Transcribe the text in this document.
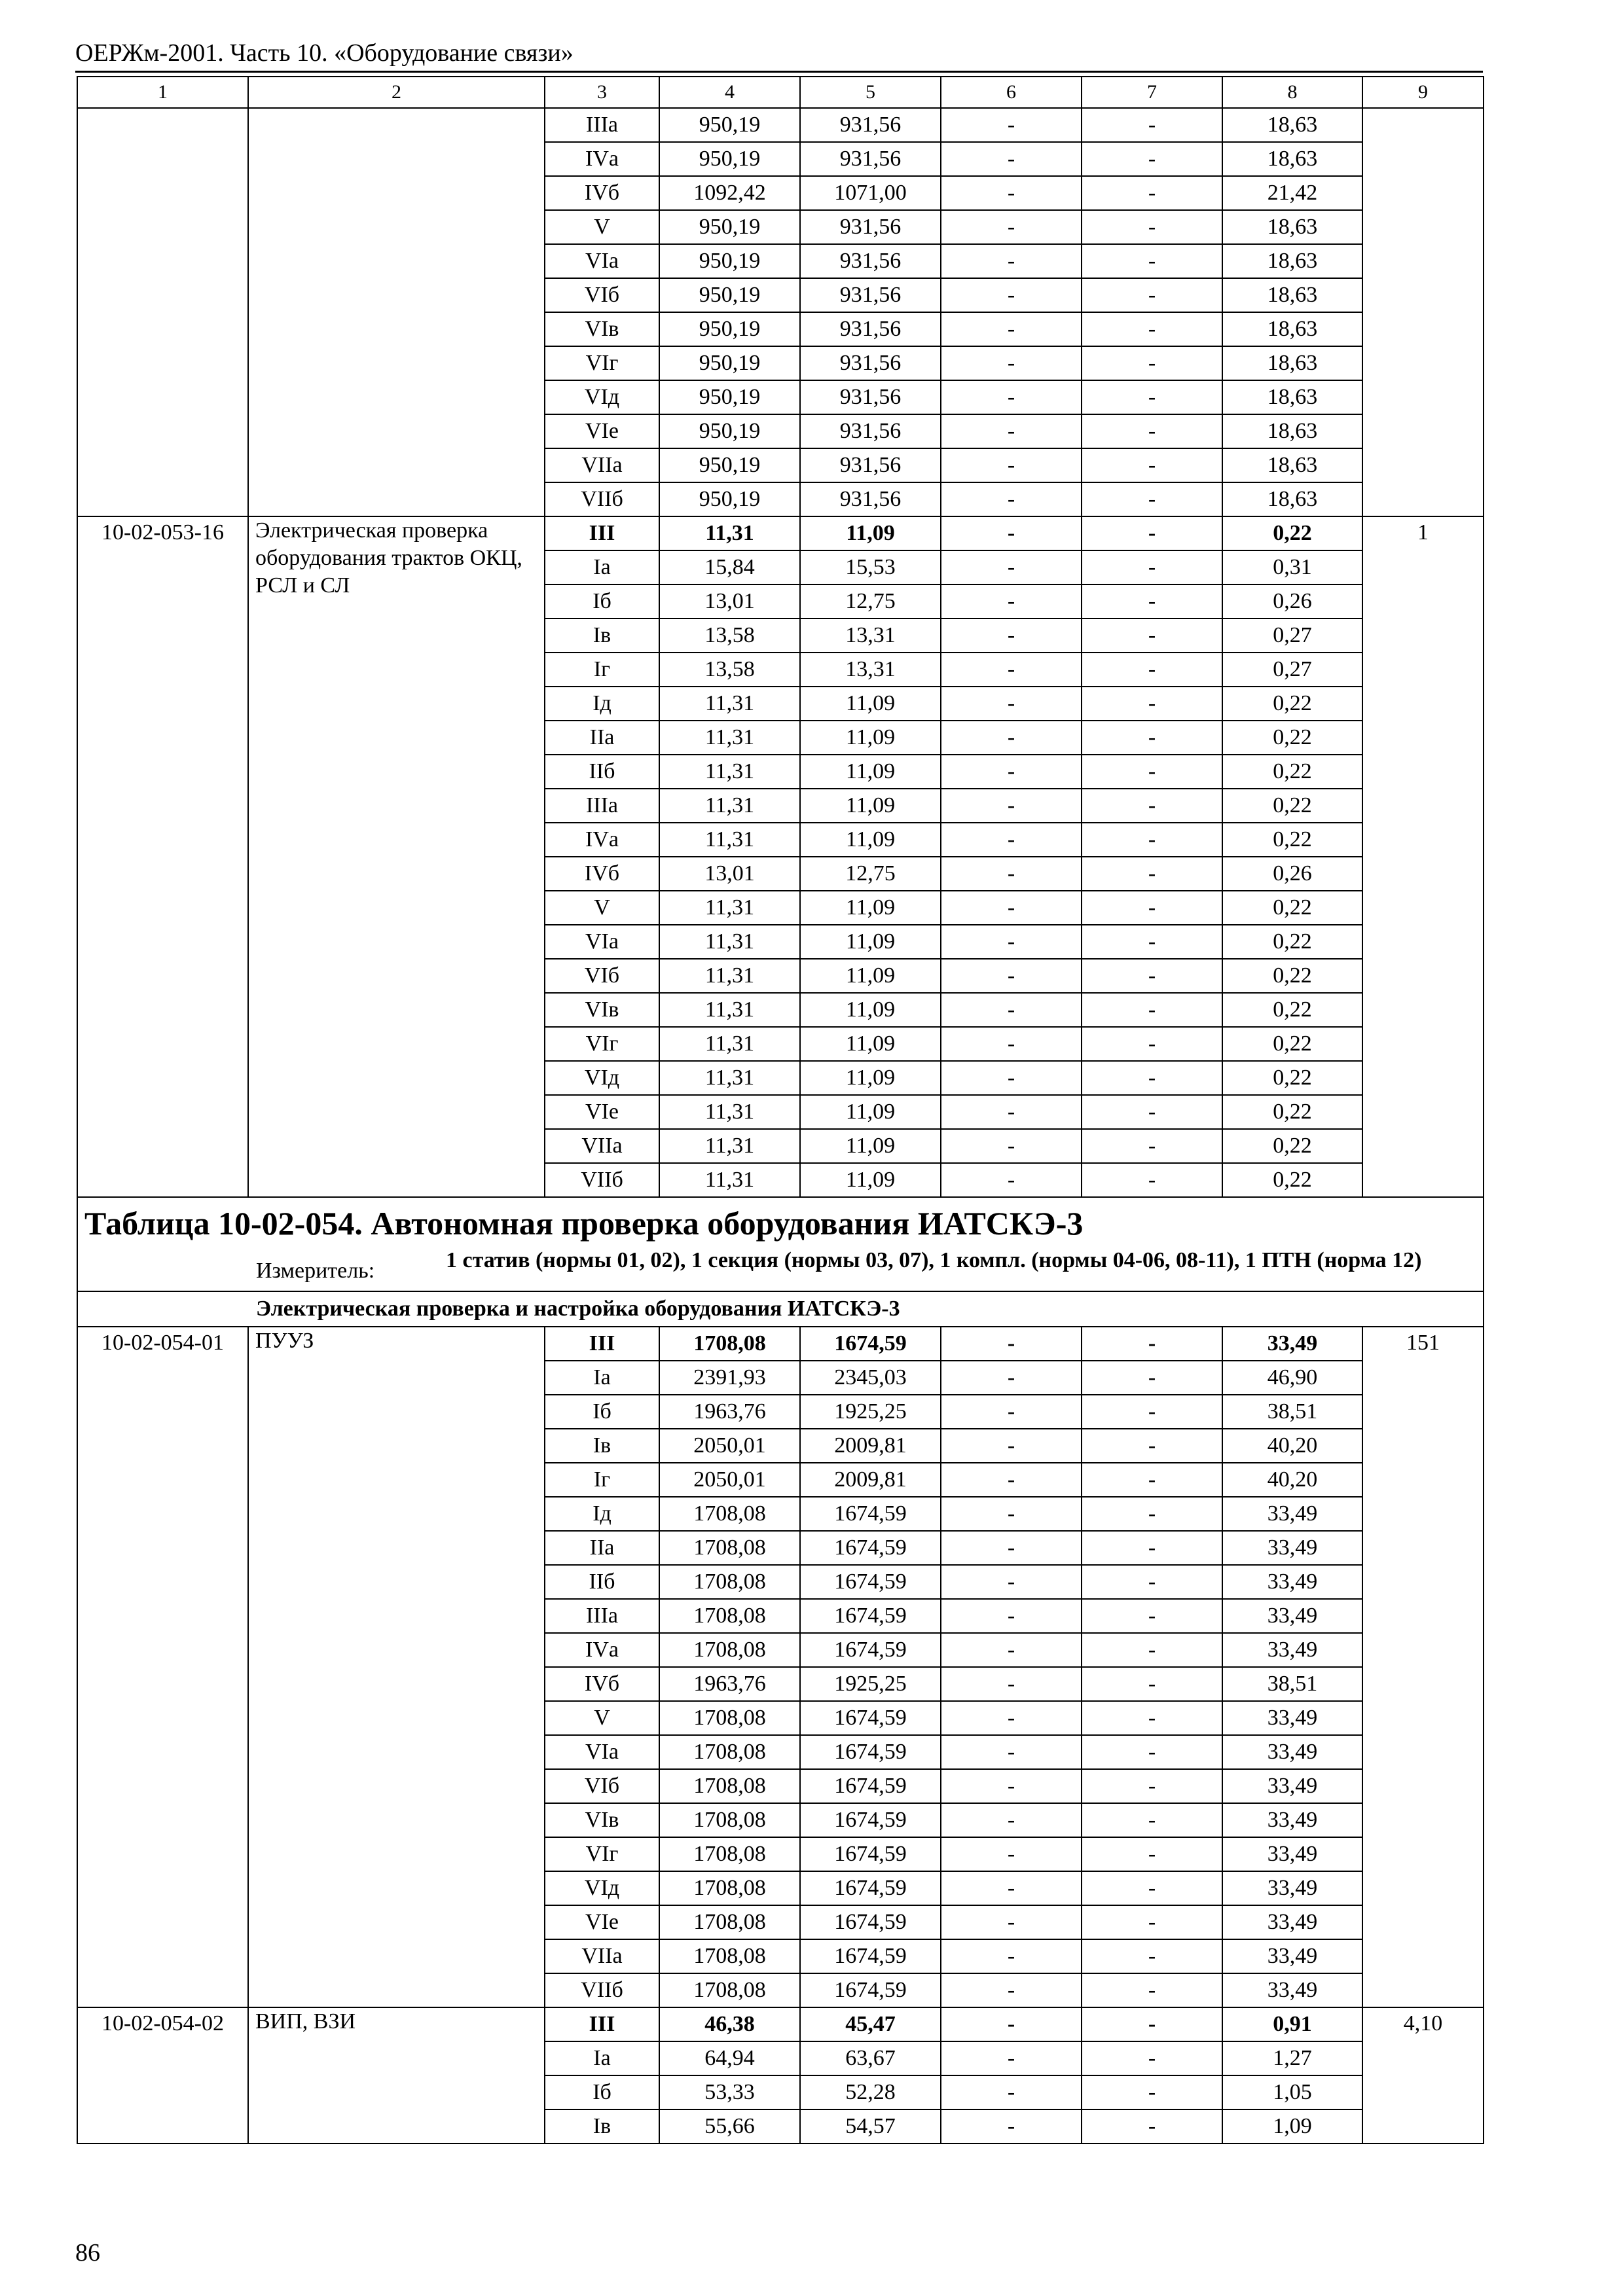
ОЕРЖм-2001. Часть 10. «Оборудование связи»
1	2	3	4	5	6	7	8	9
		IIIа	950,19	931,56	-	-	18,63	
		IVа	950,19	931,56	-	-	18,63	
		IVб	1092,42	1071,00	-	-	21,42	
		V	950,19	931,56	-	-	18,63	
		VIа	950,19	931,56	-	-	18,63	
		VIб	950,19	931,56	-	-	18,63	
		VIв	950,19	931,56	-	-	18,63	
		VIг	950,19	931,56	-	-	18,63	
		VIд	950,19	931,56	-	-	18,63	
		VIе	950,19	931,56	-	-	18,63	
		VIIа	950,19	931,56	-	-	18,63	
		VIIб	950,19	931,56	-	-	18,63	
10-02-053-16	Электрическая проверка оборудования трактов ОКЦ, РСЛ и СЛ	III	11,31	11,09	-	-	0,22	1
		Iа	15,84	15,53	-	-	0,31	
		Iб	13,01	12,75	-	-	0,26	
		Iв	13,58	13,31	-	-	0,27	
		Iг	13,58	13,31	-	-	0,27	
		Iд	11,31	11,09	-	-	0,22	
		IIа	11,31	11,09	-	-	0,22	
		IIб	11,31	11,09	-	-	0,22	
		IIIа	11,31	11,09	-	-	0,22	
		IVа	11,31	11,09	-	-	0,22	
		IVб	13,01	12,75	-	-	0,26	
		V	11,31	11,09	-	-	0,22	
		VIа	11,31	11,09	-	-	0,22	
		VIб	11,31	11,09	-	-	0,22	
		VIв	11,31	11,09	-	-	0,22	
		VIг	11,31	11,09	-	-	0,22	
		VIд	11,31	11,09	-	-	0,22	
		VIе	11,31	11,09	-	-	0,22	
		VIIа	11,31	11,09	-	-	0,22	
		VIIб	11,31	11,09	-	-	0,22	

Таблица 10-02-054. Автономная проверка оборудования ИАТСКЭ-3
Измеритель: 1 статив (нормы 01, 02), 1 секция (нормы 03, 07), 1 компл. (нормы 04-06, 08-11), 1 ПТН (норма 12)								

Электрическая проверка и настройка оборудования ИАТСКЭ-3								
10-02-054-01	ПУУЗ	III	1708,08	1674,59	-	-	33,49	151
		Iа	2391,93	2345,03	-	-	46,90	
		Iб	1963,76	1925,25	-	-	38,51	
		Iв	2050,01	2009,81	-	-	40,20	
		Iг	2050,01	2009,81	-	-	40,20	
		Iд	1708,08	1674,59	-	-	33,49	
		IIа	1708,08	1674,59	-	-	33,49	
		IIб	1708,08	1674,59	-	-	33,49	
		IIIа	1708,08	1674,59	-	-	33,49	
		IVа	1708,08	1674,59	-	-	33,49	
		IVб	1963,76	1925,25	-	-	38,51	
		V	1708,08	1674,59	-	-	33,49	
		VIа	1708,08	1674,59	-	-	33,49	
		VIб	1708,08	1674,59	-	-	33,49	
		VIв	1708,08	1674,59	-	-	33,49	
		VIг	1708,08	1674,59	-	-	33,49	
		VIд	1708,08	1674,59	-	-	33,49	
		VIе	1708,08	1674,59	-	-	33,49	
		VIIа	1708,08	1674,59	-	-	33,49	
		VIIб	1708,08	1674,59	-	-	33,49	
10-02-054-02	ВИП, ВЗИ	III	46,38	45,47	-	-	0,91	4,10
		Iа	64,94	63,67	-	-	1,27	
		Iб	53,33	52,28	-	-	1,05	
		Iв	55,66	54,57	-	-	1,09	
86
